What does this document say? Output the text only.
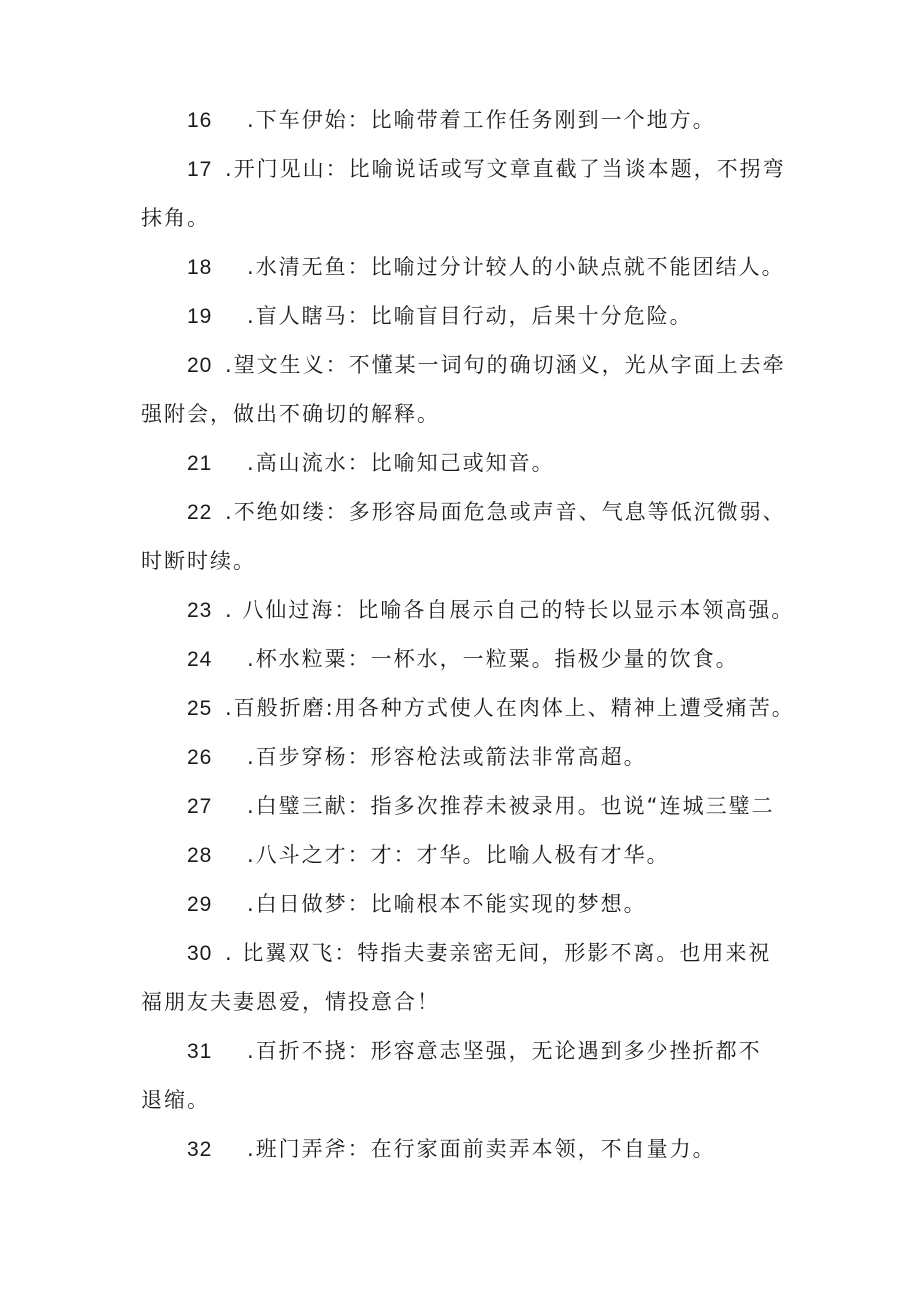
16 .下车伊始：比喻带着工作任务刚到一个地方。
17 .开门见山：比喻说话或写文章直截了当谈本题，不拐弯
抹角。
18 .水清无鱼：比喻过分计较人的小缺点就不能团结人。
19 .盲人瞎马：比喻盲目行动，后果十分危险。
20 .望文生义：不懂某一词句的确切涵义，光从字面上去牵
强附会，做出不确切的解释。
21 .高山流水：比喻知己或知音。
22 .不绝如缕：多形容局面危急或声音、气息等低沉微弱、
时断时续。
23 . 八仙过海：比喻各自展示自己的特长以显示本领高强。
24 .杯水粒粟：一杯水，一粒粟。指极少量的饮食。
25 .百般折磨:用各种方式使人在肉体上、精神上遭受痛苦。
26 .百步穿杨：形容枪法或箭法非常高超。
27 .白璧三献：指多次推荐未被录用。也说“连城三璧二
28 .八斗之才：才：才华。比喻人极有才华。
29 .白日做梦：比喻根本不能实现的梦想。
30 . 比翼双飞：特指夫妻亲密无间，形影不离。也用来祝
福朋友夫妻恩爱，情投意合！
31 .百折不挠：形容意志坚强，无论遇到多少挫折都不
退缩。
32 .班门弄斧：在行家面前卖弄本领，不自量力。
